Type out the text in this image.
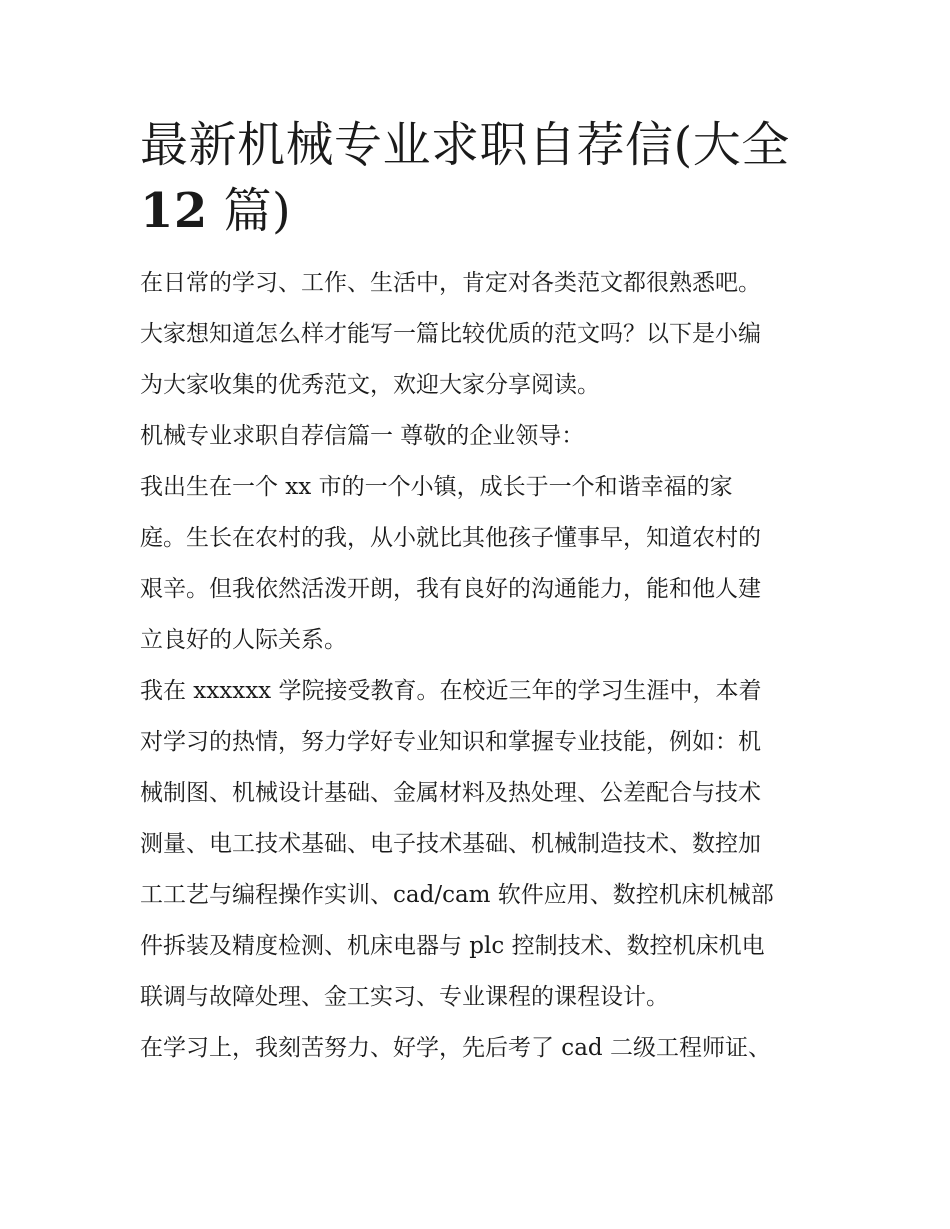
最新机械专业求职自荐信(大全
12 篇)

在日常的学习、工作、生活中，肯定对各类范文都很熟悉吧。
大家想知道怎么样才能写一篇比较优质的范文吗？以下是小编
为大家收集的优秀范文，欢迎大家分享阅读。

机械专业求职自荐信篇一 尊敬的企业领导：

我出生在一个 xx 市的一个小镇，成长于一个和谐幸福的家
庭。生长在农村的我，从小就比其他孩子懂事早，知道农村的
艰辛。但我依然活泼开朗，我有良好的沟通能力，能和他人建
立良好的人际关系。

我在 xxxxxx 学院接受教育。在校近三年的学习生涯中，本着
对学习的热情，努力学好专业知识和掌握专业技能，例如：机
械制图、机械设计基础、金属材料及热处理、公差配合与技术
测量、电工技术基础、电子技术基础、机械制造技术、数控加
工工艺与编程操作实训、cad/cam 软件应用、数控机床机械部
件拆装及精度检测、机床电器与 plc 控制技术、数控机床机电
联调与故障处理、金工实习、专业课程的课程设计。

在学习上，我刻苦努力、好学，先后考了 cad 二级工程师证、
